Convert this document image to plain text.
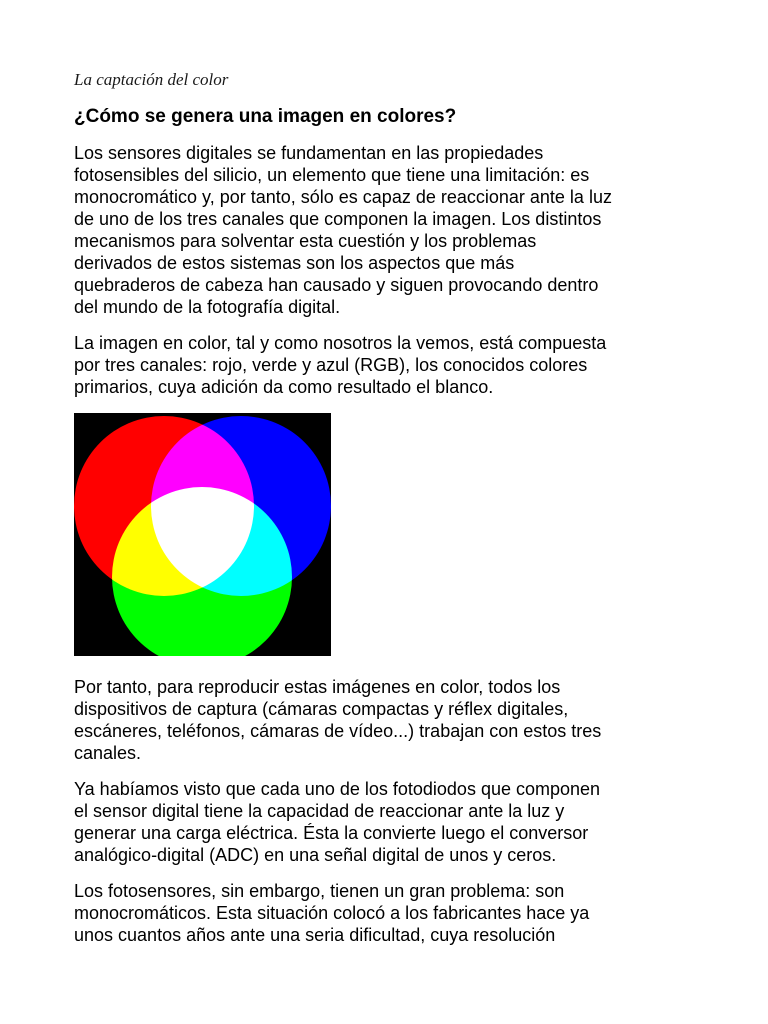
La captación del color
¿Cómo se genera una imagen en colores?

Los sensores digitales se fundamentan en las propiedades
fotosensibles del silicio, un elemento que tiene una limitación: es
monocromático y, por tanto, sólo es capaz de reaccionar ante la luz
de uno de los tres canales que componen la imagen. Los distintos
mecanismos para solventar esta cuestión y los problemas
derivados de estos sistemas son los aspectos que más
quebraderos de cabeza han causado y siguen provocando dentro
del mundo de la fotografía digital.

La imagen en color, tal y como nosotros la vemos, está compuesta
por tres canales: rojo, verde y azul (RGB), los conocidos colores
primarios, cuya adición da como resultado el blanco.

Por tanto, para reproducir estas imágenes en color, todos los
dispositivos de captura (cámaras compactas y réflex digitales,
escáneres, teléfonos, cámaras de vídeo...) trabajan con estos tres
canales.

Ya habíamos visto que cada uno de los fotodiodos que componen
el sensor digital tiene la capacidad de reaccionar ante la luz y
generar una carga eléctrica. Ésta la convierte luego el conversor
analógico-digital (ADC) en una señal digital de unos y ceros.

Los fotosensores, sin embargo, tienen un gran problema: son
monocromáticos. Esta situación colocó a los fabricantes hace ya
unos cuantos años ante una seria dificultad, cuya resolución
